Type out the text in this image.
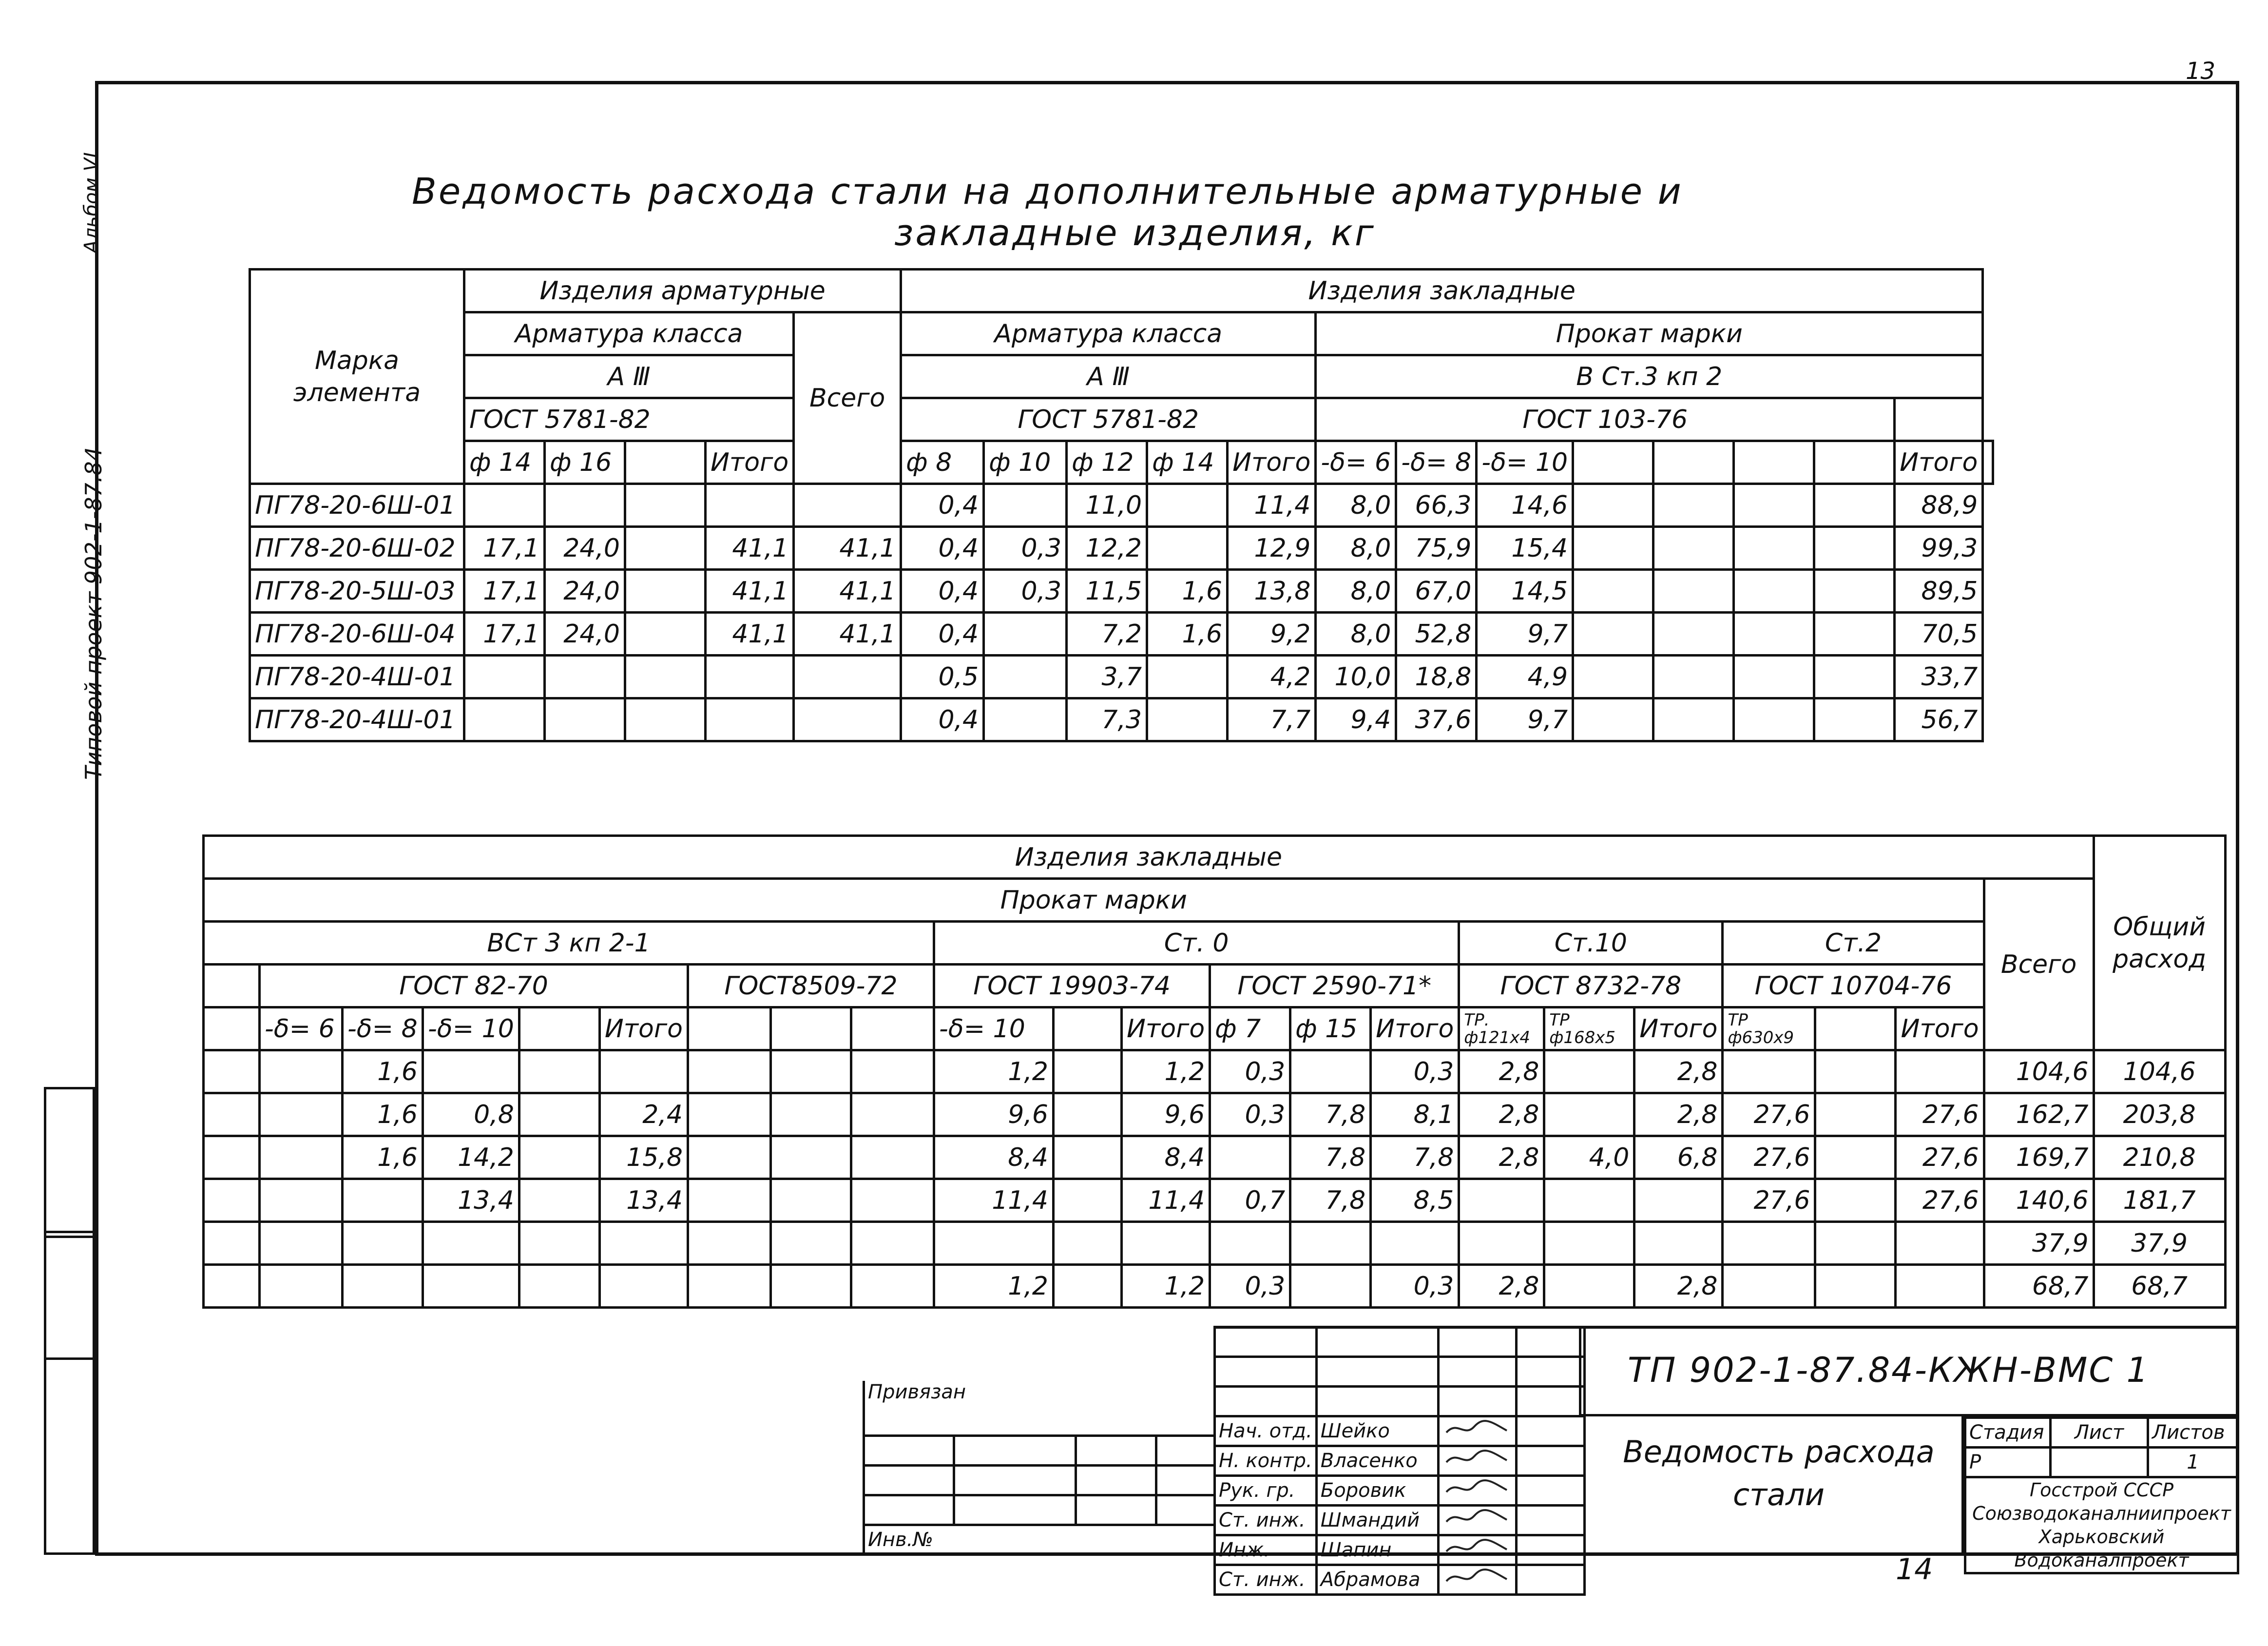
13
14
Альбом VI
Типовой проект 902-1-87.84
Ведомость расхода стали на дополнительные арматурные и
закладные изделия, кг
Марка элемента	Изделия арматурные					Изделия закладные													
	Арматура класса				Всего	Арматура класса					Прокат марки								
	А Ⅲ					А Ⅲ					В Ст.3 кп 2								
	ГОСТ 5781-82					ГОСТ 5781-82					ГОСТ 103-76								
	ф 14	ф 16		Итого		ф 8	ф 10	ф 12	ф 14	Итого	-δ= 6	-δ= 8	-δ= 10					Итого	
ПГ78-20-6Ш-01						0,4		11,0		11,4	8,0	66,3	14,6					88,9	
ПГ78-20-6Ш-02	17,1	24,0		41,1	41,1	0,4	0,3	12,2		12,9	8,0	75,9	15,4					99,3	
ПГ78-20-5Ш-03	17,1	24,0		41,1	41,1	0,4	0,3	11,5	1,6	13,8	8,0	67,0	14,5					89,5	
ПГ78-20-6Ш-04	17,1	24,0		41,1	41,1	0,4		7,2	1,6	9,2	8,0	52,8	9,7					70,5	
ПГ78-20-4Ш-01						0,5		3,7		4,2	10,0	18,8	4,9					33,7	
ПГ78-20-4Ш-01						0,4		7,3		7,7	9,4	37,6	9,7					56,7	
Изделия закладные																						Общий расход
Прокат марки																					Всего	
ВСт 3 кп 2-1									Ст. 0						Ст.10			Ст.2				
	ГОСТ 82-70					ГОСТ8509-72			ГОСТ 19903-74			ГОСТ 2590-71*			ГОСТ 8732-78			ГОСТ 10704-76				
	-δ= 6	-δ= 8	-δ= 10		Итого				-δ= 10		Итого	ф 7	ф 15	Итого	ТР. ф121х4	ТР ф168х5	Итого	ТР ф630х9		Итого		
		1,6							1,2		1,2	0,3		0,3	2,8		2,8				104,6	104,6
		1,6	0,8		2,4				9,6		9,6	0,3	7,8	8,1	2,8		2,8	27,6		27,6	162,7	203,8
		1,6	14,2		15,8				8,4		8,4		7,8	7,8	2,8	4,0	6,8	27,6		27,6	169,7	210,8
			13,4		13,4				11,4		11,4	0,7	7,8	8,5				27,6		27,6	140,6	181,7
																					37,9	37,9
									1,2		1,2	0,3		0,3	2,8		2,8				68,7	68,7

Нач. отд.	Шейко		
Н. контр.	Власенко		
Рук. гр.	Боровик		
Ст. инж.	Шмандий		
Инж.	Шапин		
Ст. инж.	Абрамова		
Привязан			

Инв.№			
ТП 902-1-87.84-КЖН-ВМС 1
Ведомость расхода стали
Стадия	Лист	Листов
Р		1
Госстрой СССР Союзводоканалниипроект Харьковский Водоканалпроект		
